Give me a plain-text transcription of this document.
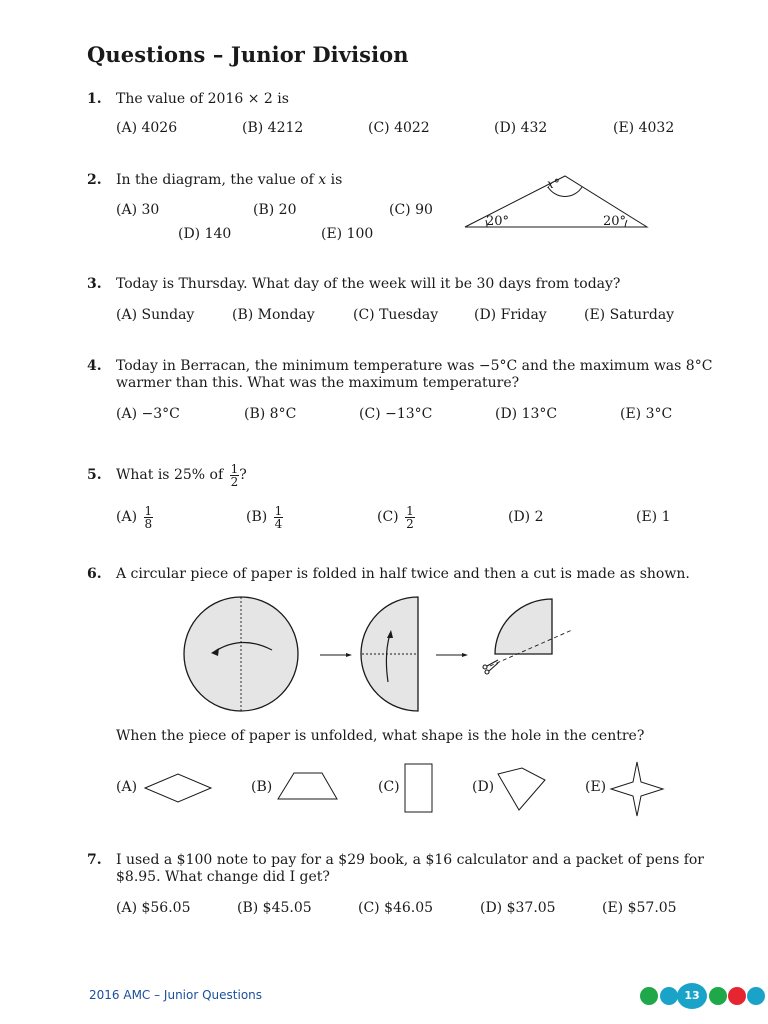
Questions – Junior Division
1. The value of 2016 × 2 is
(A) 4026	(B) 4212	(C) 4022	(D) 432	(E) 4032
2. In the diagram, the value of x is
(A) 30	(B) 20	(C) 90
(D) 140	(E) 100
x°
20°	20°
3. Today is Thursday. What day of the week will it be 30 days from today?
(A) Sunday	(B) Monday	(C) Tuesday	(D) Friday	(E) Saturday
4. Today in Berracan, the minimum temperature was −5°C and the maximum was 8°C
warmer than this. What was the maximum temperature?
(A) −3°C	(B) 8°C	(C) −13°C	(D) 13°C	(E) 3°C
5. What is 25% of $\frac{1}{2}$ ?
$(A) \frac{1}{8}$	$(B) \frac{1}{4}$	$(C) \frac{1}{2}$	(D) 2	(E) 1
6. A circular piece of paper is folded in half twice and then a cut is made as shown.
When the piece of paper is unfolded, what shape is the hole in the centre?
(A)	(B)	(C)	(D)	(E)
7. I used a $100 note to pay for a $29 book, a $16 calculator and a packet of pens for
$8.95. What change did I get?
(A) $56.05	(B) $45.05	(C) $46.05	(D) $37.05	(E) $57.05
2016 AMC – Junior Questions	13
